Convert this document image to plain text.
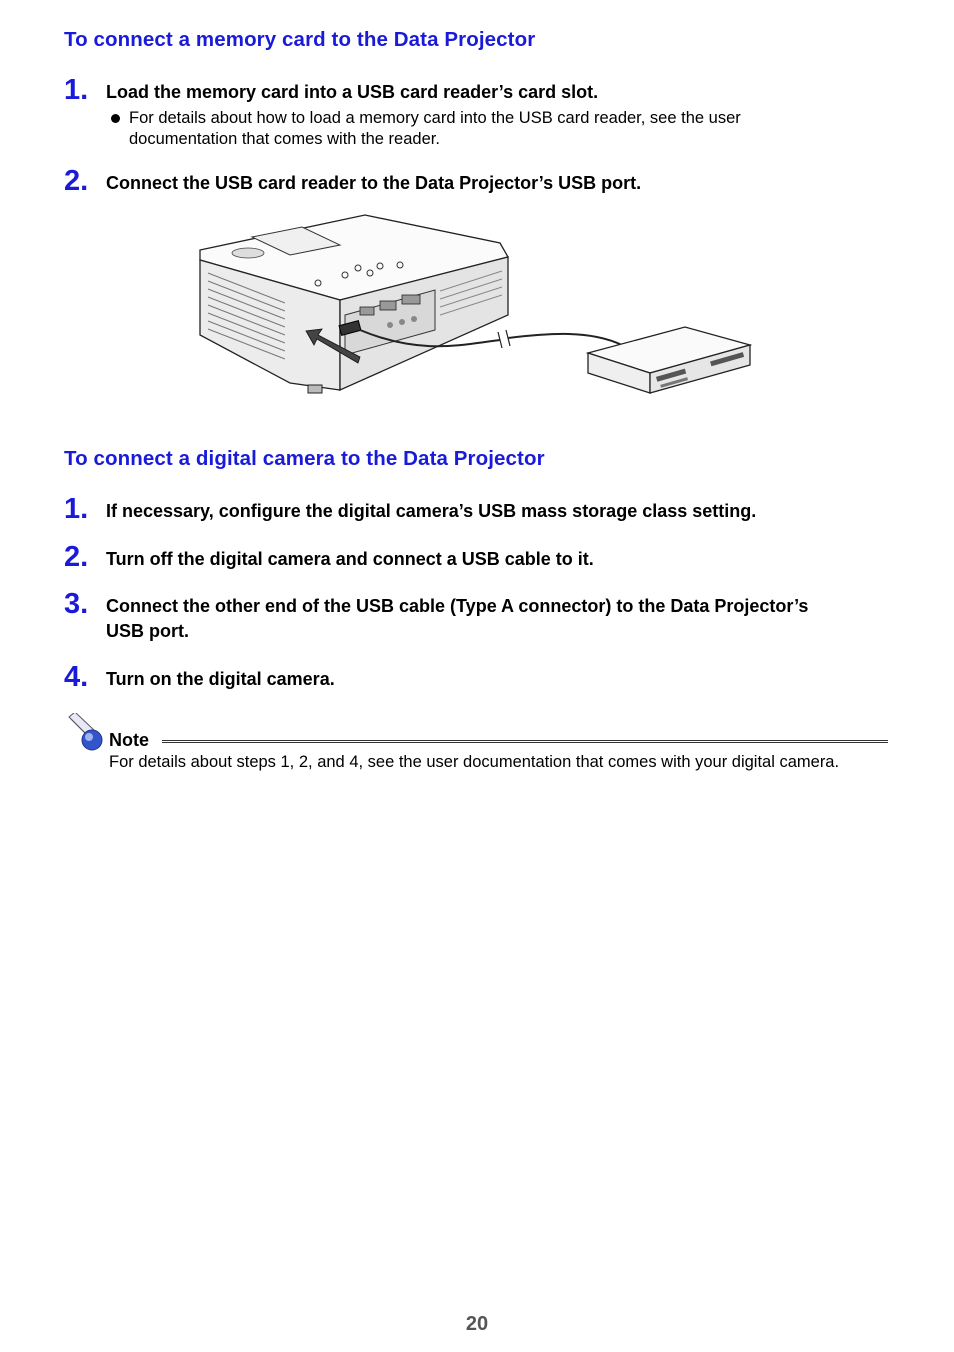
To connect a memory card to the Data Projector
1. Load the memory card into a USB card reader’s card slot.
For details about how to load a memory card into the USB card reader, see the user documentation that comes with the reader.
2. Connect the USB card reader to the Data Projector’s USB port.
To connect a digital camera to the Data Projector
1. If necessary, configure the digital camera’s USB mass storage class setting.
2. Turn off the digital camera and connect a USB cable to it.
3. Connect the other end of the USB cable (Type A connector) to the Data Projector’s USB port.
4. Turn on the digital camera.
Note
For details about steps 1, 2, and 4, see the user documentation that comes with your digital camera.
20
